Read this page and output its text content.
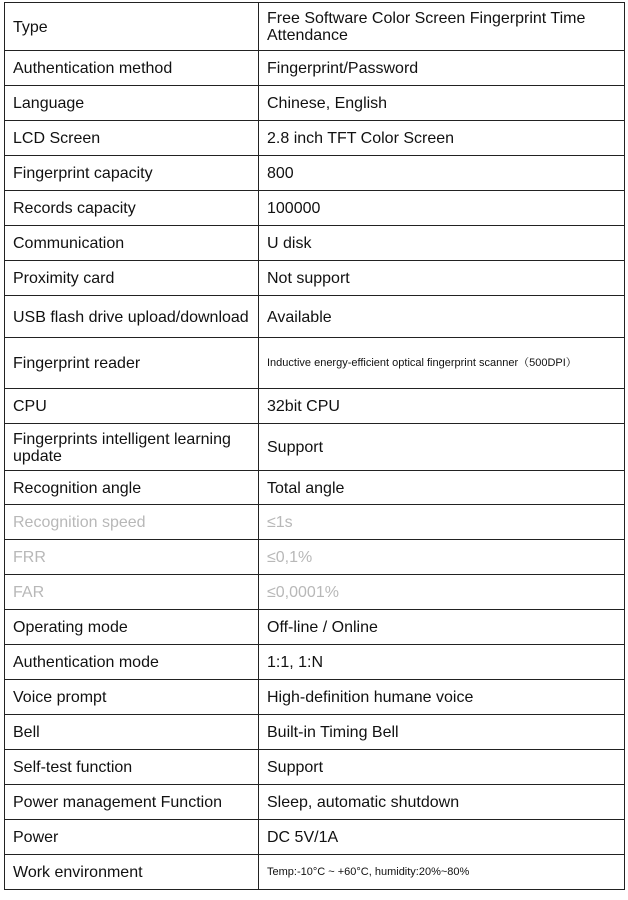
Type	Free Software Color Screen Fingerprint Time Attendance
Authentication method	Fingerprint/Password
Language	Chinese, English
LCD Screen	2.8 inch TFT Color Screen
Fingerprint capacity	800
Records capacity	100000
Communication	U disk
Proximity card	Not support
USB flash drive upload/download	Available
Fingerprint reader	Inductive energy-efficient optical fingerprint scanner（500DPI）
CPU	32bit CPU
Fingerprints intelligent learning update	Support
Recognition angle	Total angle
Recognition speed	≤1s
FRR	≤0,1%
FAR	≤0,0001%
Operating mode	Off-line / Online
Authentication mode	1:1, 1:N
Voice prompt	High-definition humane voice
Bell	Built-in Timing Bell
Self-test function	Support
Power management Function	Sleep, automatic shutdown
Power	DC 5V/1A
Work environment	Temp:-10°C ~ +60°C, humidity:20%~80%
